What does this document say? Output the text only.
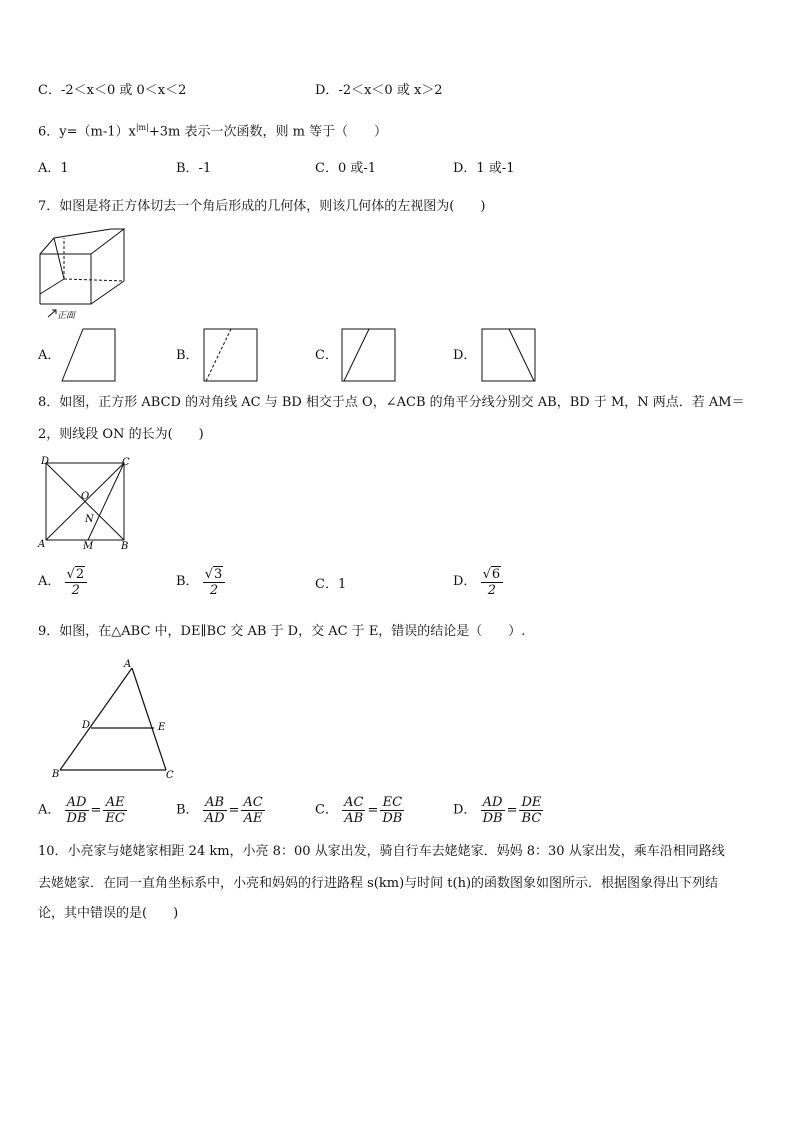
C．-2＜x＜0 或 0＜x＜2	D．-2＜x＜0 或 x＞2
6．$y=(m-1)x^{|m|}+3m$ 表示一次函数，则 m 等于（　　）
A．1	B．-1	C．0 或-1	D．1 或-1
7．如图是将正方体切去一个角后形成的几何体，则该几何体的左视图为(　　)
正面
A．	B．	C．	D．
8．如图，正方形 ABCD 的对角线 AC 与 BD 相交于点 O，∠ACB 的角平分线分别交 AB，BD 于 M，N 两点．若 AM＝
2，则线段 ON 的长为(　　)
D	C
O
N
A	M	B
A． $\frac{√2}{2}$	B． $\frac{√3}{2}$	C．1	D． $\frac{√6}{2}$
9．如图，在△ABC 中，DE∥BC 交 AB 于 D，交 AC 于 E，错误的结论是（　　）.
A
D	E
B	C
A． $\frac{AD}{DB} = \frac{AE}{EC}$	B． $\frac{AB}{AD} = \frac{AC}{AE}$	C． $\frac{AC}{AB} = \frac{EC}{DB}$	D． $\frac{AD}{DB} = \frac{DE}{BC}$
10．小亮家与姥姥家相距 24 km，小亮 8：00 从家出发，骑自行车去姥姥家．妈妈 8：30 从家出发，乘车沿相同路线
去姥姥家．在同一直角坐标系中，小亮和妈妈的行进路程 s(km)与时间 t(h)的函数图象如图所示．根据图象得出下列结
论，其中错误的是(　　)
